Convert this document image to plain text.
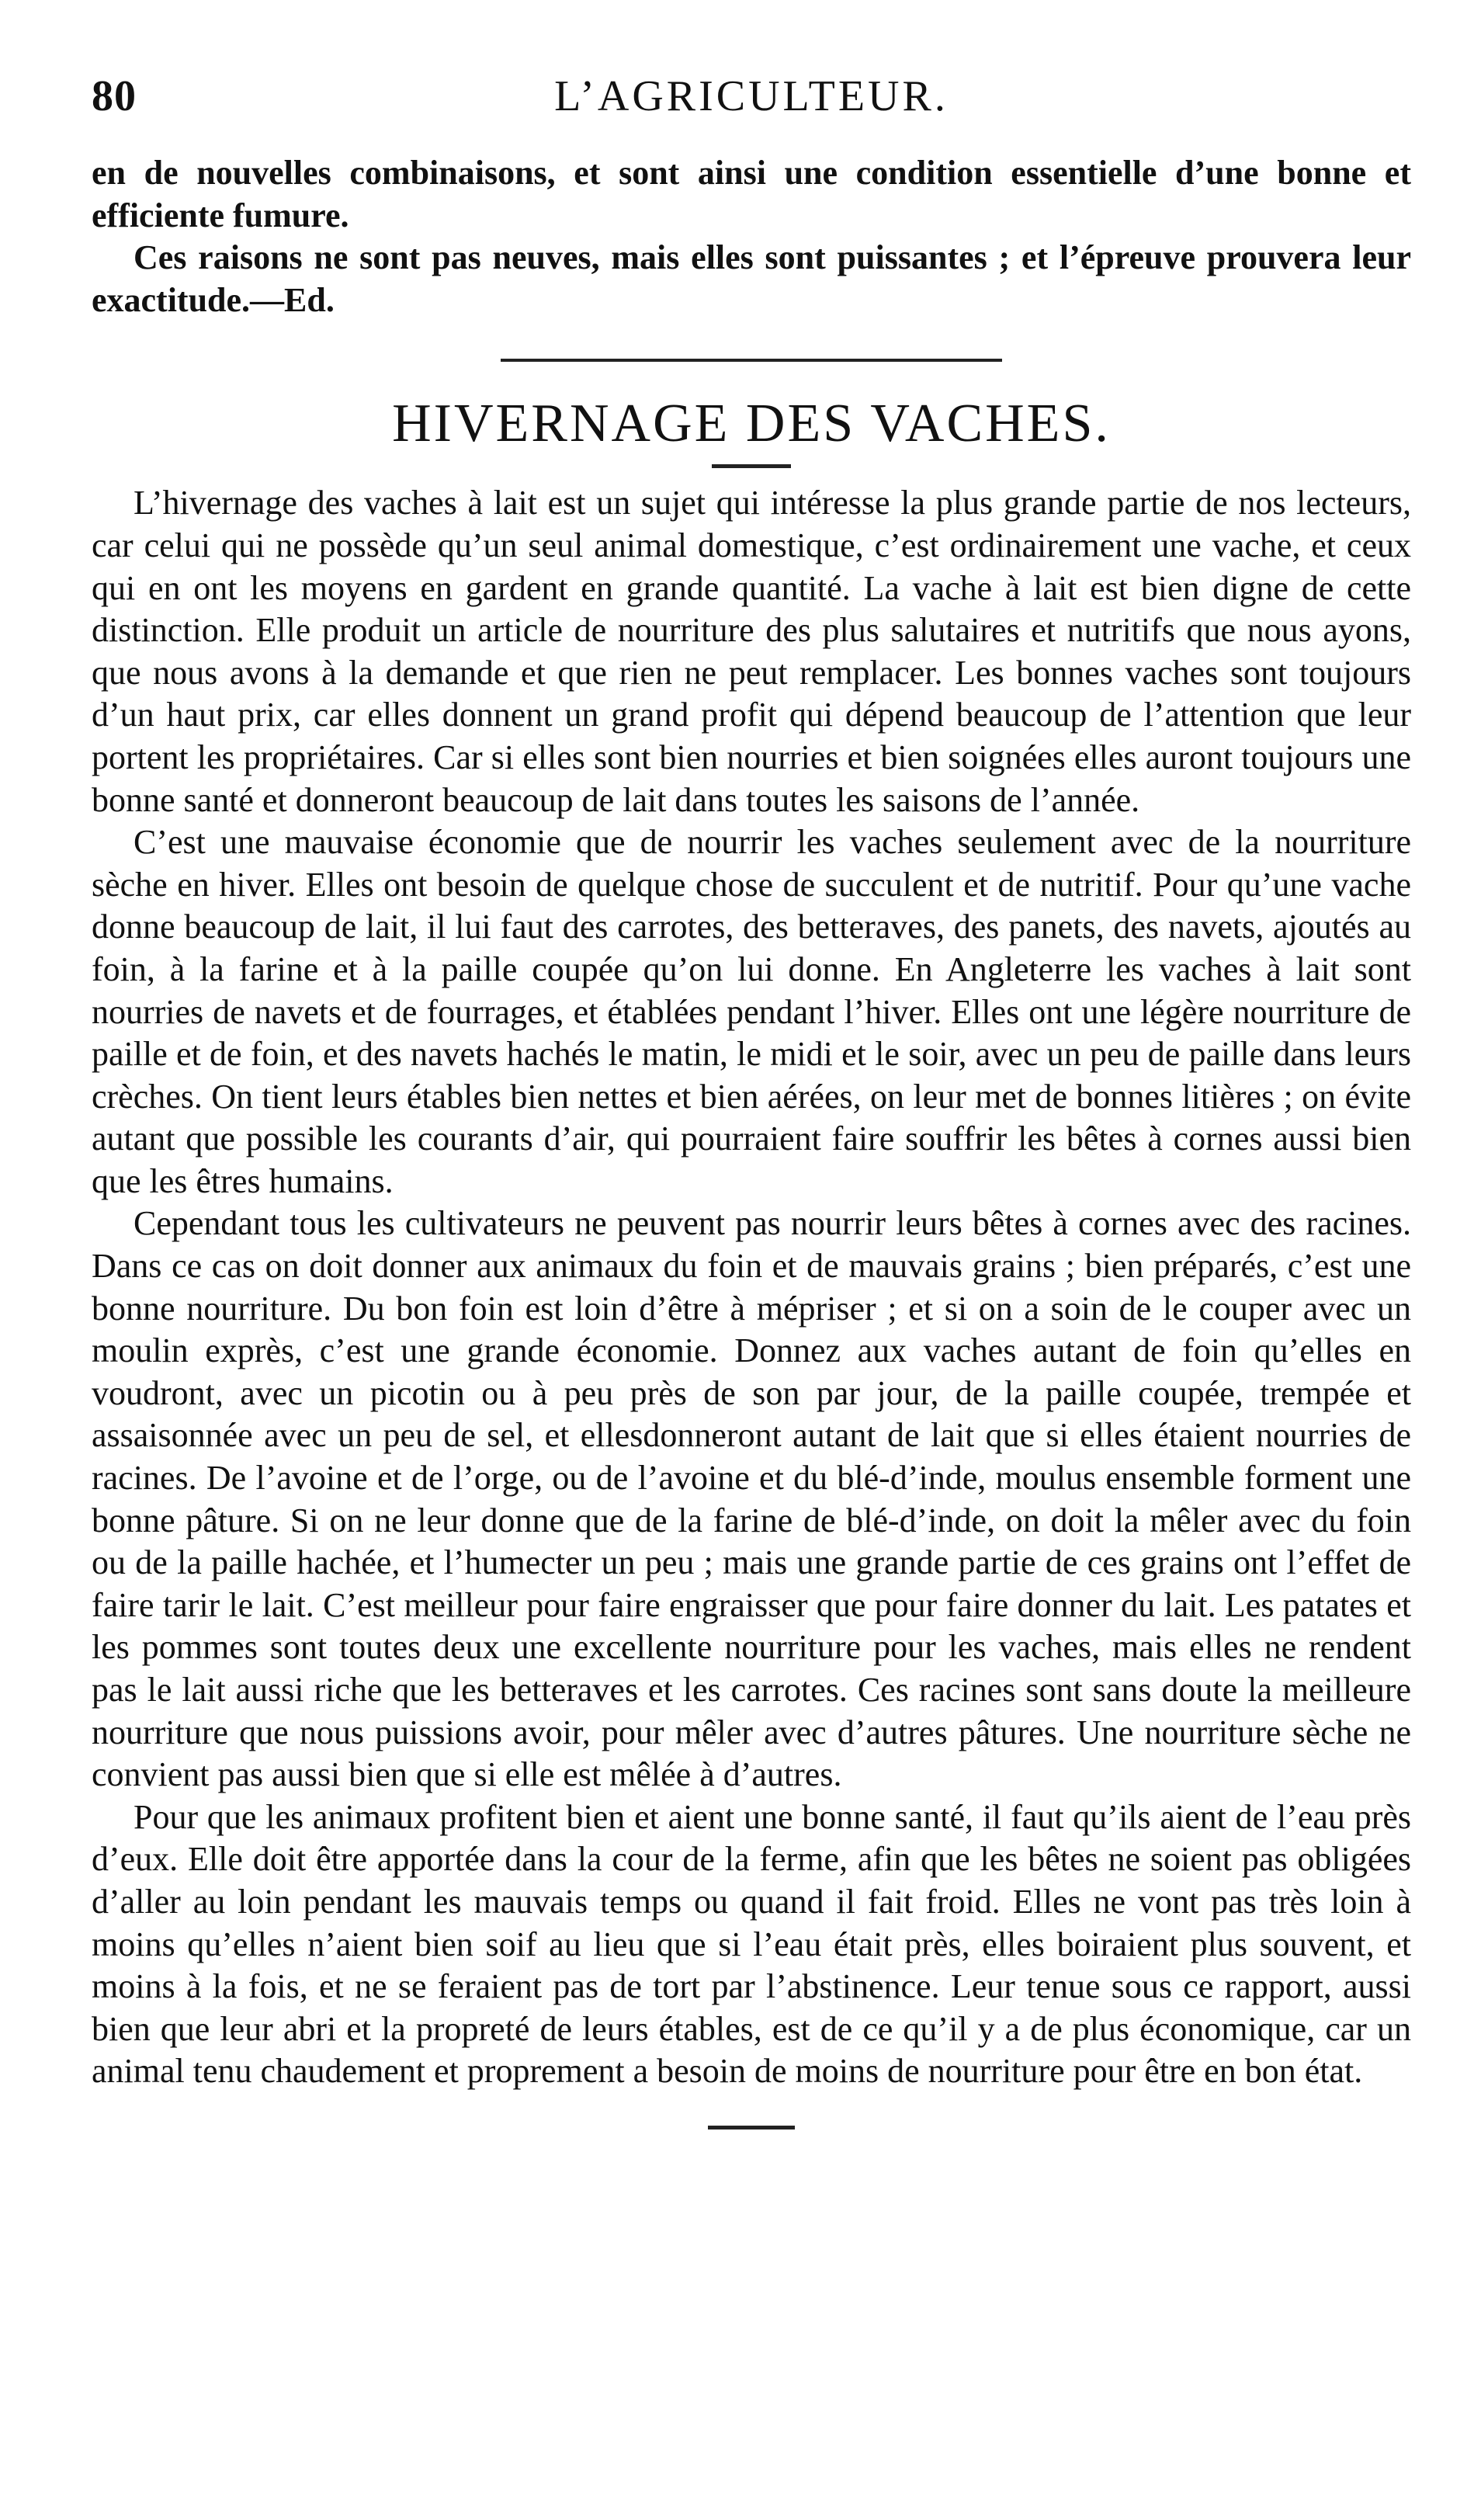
80	L’AGRICULTEUR.

en de nouvelles combinaisons, et sont ainsi une condition essentielle d’une bonne et efficiente fumure.

Ces raisons ne sont pas neuves, mais elles sont puissantes ; et l’épreuve prouvera leur exactitude.—Ed.

HIVERNAGE DES VACHES.

L’hivernage des vaches à lait est un sujet qui intéresse la plus grande partie de nos lecteurs, car celui qui ne possède qu’un seul animal domestique, c’est ordinairement une vache, et ceux qui en ont les moyens en gardent en grande quantité. La vache à lait est bien digne de cette distinction. Elle produit un article de nourriture des plus salutaires et nutritifs que nous ayons, que nous avons à la demande et que rien ne peut remplacer. Les bonnes vaches sont toujours d’un haut prix, car elles donnent un grand profit qui dépend beaucoup de l’attention que leur portent les propriétaires. Car si elles sont bien nourries et bien soignées elles auront toujours une bonne santé et donneront beaucoup de lait dans toutes les saisons de l’année.

C’est une mauvaise économie que de nourrir les vaches seulement avec de la nourriture sèche en hiver. Elles ont besoin de quelque chose de succulent et de nutritif. Pour qu’une vache donne beaucoup de lait, il lui faut des carrotes, des betteraves, des panets, des navets, ajoutés au foin, à la farine et à la paille coupée qu’on lui donne. En Angleterre les vaches à lait sont nourries de navets et de fourrages, et établées pendant l’hiver. Elles ont une légère nourriture de paille et de foin, et des navets hachés le matin, le midi et le soir, avec un peu de paille dans leurs crèches. On tient leurs étables bien nettes et bien aérées, on leur met de bonnes litières ; on évite autant que possible les courants d’air, qui pourraient faire souffrir les bêtes à cornes aussi bien que les êtres humains.

Cependant tous les cultivateurs ne peuvent pas nourrir leurs bêtes à cornes avec des racines. Dans ce cas on doit donner aux animaux du foin et de mauvais grains ; bien préparés, c’est une bonne nourriture. Du bon foin est loin d’être à mépriser ; et si on a soin de le couper avec un moulin exprès, c’est une grande économie. Donnez aux vaches autant de foin qu’elles en voudront, avec un picotin ou à peu près de son par jour, de la paille coupée, trempée et assaisonnée avec un peu de sel, et ellesdonneront autant de lait que si elles étaient nourries de racines. De l’avoine et de l’orge, ou de l’avoine et du blé-d’inde, moulus ensemble forment une bonne pâture. Si on ne leur donne que de la farine de blé-d’inde, on doit la mêler avec du foin ou de la paille hachée, et l’humecter un peu ; mais une grande partie de ces grains ont l’effet de faire tarir le lait. C’est meilleur pour faire engraisser que pour faire donner du lait. Les patates et les pommes sont toutes deux une excellente nourriture pour les vaches, mais elles ne rendent pas le lait aussi riche que les betteraves et les carrotes. Ces racines sont sans doute la meilleure nourriture que nous puissions avoir, pour mêler avec d’autres pâtures. Une nourriture sèche ne convient pas aussi bien que si elle est mêlée à d’autres.

Pour que les animaux profitent bien et aient une bonne santé, il faut qu’ils aient de l’eau près d’eux. Elle doit être apportée dans la cour de la ferme, afin que les bêtes ne soient pas obligées d’aller au loin pendant les mauvais temps ou quand il fait froid. Elles ne vont pas très loin à moins qu’elles n’aient bien soif au lieu que si l’eau était près, elles boiraient plus souvent, et moins à la fois, et ne se feraient pas de tort par l’abstinence. Leur tenue sous ce rapport, aussi bien que leur abri et la propreté de leurs étables, est de ce qu’il y a de plus économique, car un animal tenu chaudement et proprement a besoin de moins de nourriture pour être en bon état.
